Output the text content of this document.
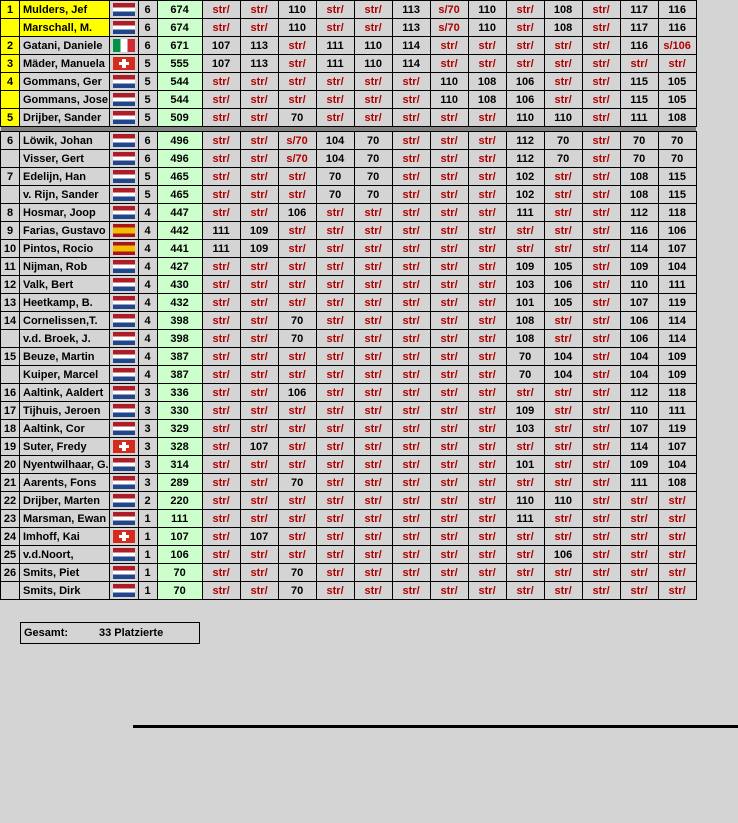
1	Mulders, Jef		6	674	str/	str/	110	str/	str/	113	s/70	110	str/	108	str/	117	116
	Marschall, M.		6	674	str/	str/	110	str/	str/	113	s/70	110	str/	108	str/	117	116
2	Gatani, Daniele		6	671	107	113	str/	111	110	114	str/	str/	str/	str/	str/	116	s/106
3	Mäder, Manuela		5	555	107	113	str/	111	110	114	str/	str/	str/	str/	str/	str/	str/
4	Gommans, Ger		5	544	str/	str/	str/	str/	str/	str/	110	108	106	str/	str/	115	105
	Gommans, Jose		5	544	str/	str/	str/	str/	str/	str/	110	108	106	str/	str/	115	105
5	Drijber, Sander		5	509	str/	str/	70	str/	str/	str/	str/	str/	110	110	str/	111	108

6	Löwik, Johan		6	496	str/	str/	s/70	104	70	str/	str/	str/	112	70	str/	70	70
	Visser, Gert		6	496	str/	str/	s/70	104	70	str/	str/	str/	112	70	str/	70	70
7	Edelijn, Han		5	465	str/	str/	str/	70	70	str/	str/	str/	102	str/	str/	108	115
	v. Rijn, Sander		5	465	str/	str/	str/	70	70	str/	str/	str/	102	str/	str/	108	115
8	Hosmar, Joop		4	447	str/	str/	106	str/	str/	str/	str/	str/	111	str/	str/	112	118
9	Farias, Gustavo		4	442	111	109	str/	str/	str/	str/	str/	str/	str/	str/	str/	116	106
10	Pintos, Rocio		4	441	111	109	str/	str/	str/	str/	str/	str/	str/	str/	str/	114	107
11	Nijman, Rob		4	427	str/	str/	str/	str/	str/	str/	str/	str/	109	105	str/	109	104
12	Valk, Bert		4	430	str/	str/	str/	str/	str/	str/	str/	str/	103	106	str/	110	111
13	Heetkamp, B.		4	432	str/	str/	str/	str/	str/	str/	str/	str/	101	105	str/	107	119
14	Cornelissen,T.		4	398	str/	str/	70	str/	str/	str/	str/	str/	108	str/	str/	106	114
	v.d. Broek, J.		4	398	str/	str/	70	str/	str/	str/	str/	str/	108	str/	str/	106	114
15	Beuze, Martin		4	387	str/	str/	str/	str/	str/	str/	str/	str/	70	104	str/	104	109
	Kuiper, Marcel		4	387	str/	str/	str/	str/	str/	str/	str/	str/	70	104	str/	104	109
16	Aaltink, Aaldert		3	336	str/	str/	106	str/	str/	str/	str/	str/	str/	str/	str/	112	118
17	Tijhuis, Jeroen		3	330	str/	str/	str/	str/	str/	str/	str/	str/	109	str/	str/	110	111
18	Aaltink, Cor		3	329	str/	str/	str/	str/	str/	str/	str/	str/	103	str/	str/	107	119
19	Suter, Fredy		3	328	str/	107	str/	str/	str/	str/	str/	str/	str/	str/	str/	114	107
20	Nyentwilhaar, G.		3	314	str/	str/	str/	str/	str/	str/	str/	str/	101	str/	str/	109	104
21	Aarents, Fons		3	289	str/	str/	70	str/	str/	str/	str/	str/	str/	str/	str/	111	108
22	Drijber, Marten		2	220	str/	str/	str/	str/	str/	str/	str/	str/	110	110	str/	str/	str/
23	Marsman, Ewan		1	111	str/	str/	str/	str/	str/	str/	str/	str/	111	str/	str/	str/	str/
24	Imhoff, Kai		1	107	str/	107	str/	str/	str/	str/	str/	str/	str/	str/	str/	str/	str/
25	v.d.Noort,		1	106	str/	str/	str/	str/	str/	str/	str/	str/	str/	106	str/	str/	str/
26	Smits, Piet		1	70	str/	str/	70	str/	str/	str/	str/	str/	str/	str/	str/	str/	str/
	Smits, Dirk		1	70	str/	str/	70	str/	str/	str/	str/	str/	str/	str/	str/	str/	str/
Gesamt:	33 Platzierte
